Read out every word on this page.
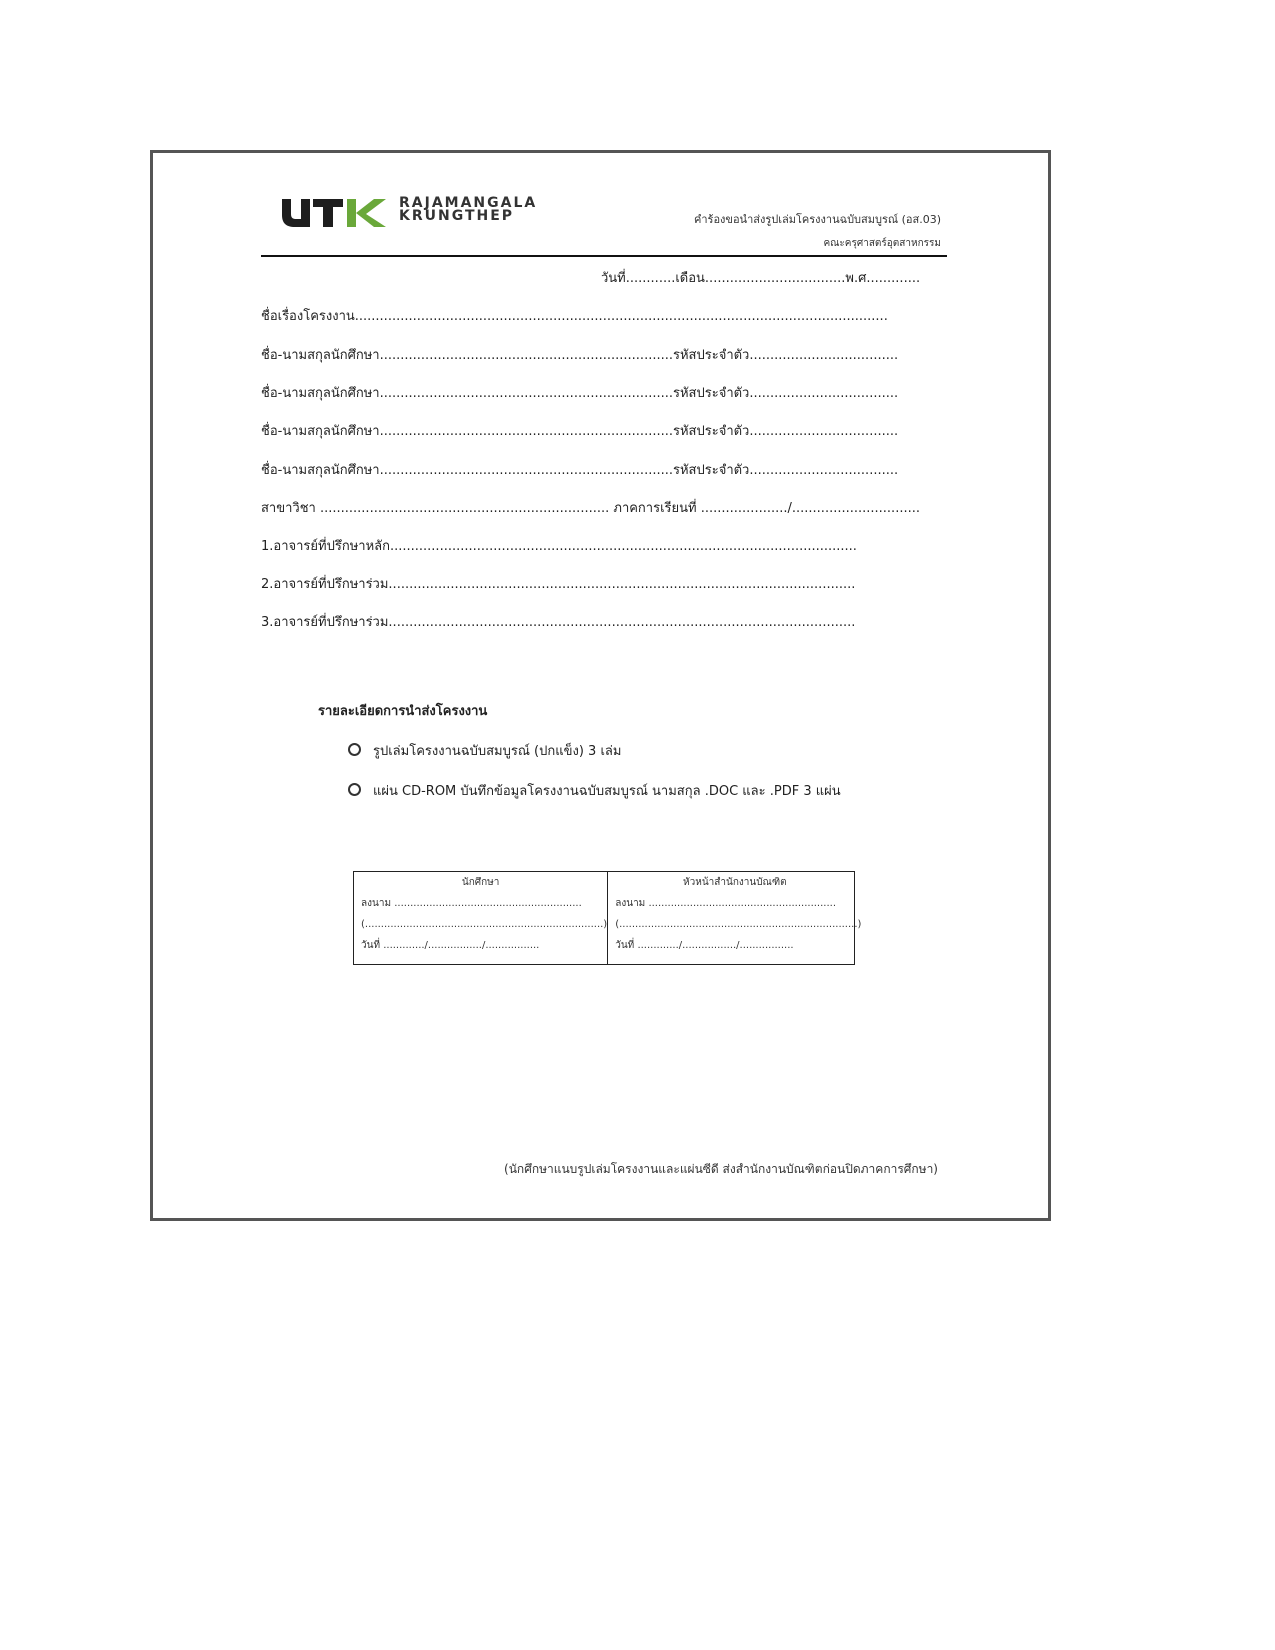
RAJAMANGALA
KRUNGTHEP	คำร้องขอนำส่งรูปเล่มโครงงานฉบับสมบูรณ์ (อส.03)
คณะครุศาสตร์อุตสาหกรรม
วันที่............เดือน..................................พ.ศ.............
ชื่อเรื่องโครงงาน.................................................................................................................................
ชื่อ-นามสกุลนักศึกษา.......................................................................รหัสประจำตัว....................................
ชื่อ-นามสกุลนักศึกษา.......................................................................รหัสประจำตัว....................................
ชื่อ-นามสกุลนักศึกษา.......................................................................รหัสประจำตัว....................................
ชื่อ-นามสกุลนักศึกษา.......................................................................รหัสประจำตัว....................................
สาขาวิชา ...................................................................... ภาคการเรียนที่ ...................../...............................
1.อาจารย์ที่ปรึกษาหลัก.................................................................................................................
2.อาจารย์ที่ปรึกษาร่วม.................................................................................................................
3.อาจารย์ที่ปรึกษาร่วม.................................................................................................................
รายละเอียดการนำส่งโครงงาน
รูปเล่มโครงงานฉบับสมบูรณ์ (ปกแข็ง) 3 เล่ม
แผ่น CD-ROM บันทึกข้อมูลโครงงานฉบับสมบูรณ์ นามสกุล .DOC และ .PDF 3 แผ่น
นักศึกษา
ลงนาม ...........................................................
(...........................................................................)
วันที่ ............./................./.................
หัวหน้าสำนักงานบัณฑิต
ลงนาม ...........................................................
(...........................................................................)
วันที่ ............./................./.................
(นักศึกษาแนบรูปเล่มโครงงานและแผ่นซีดี ส่งสำนักงานบัณฑิตก่อนปิดภาคการศึกษา)
